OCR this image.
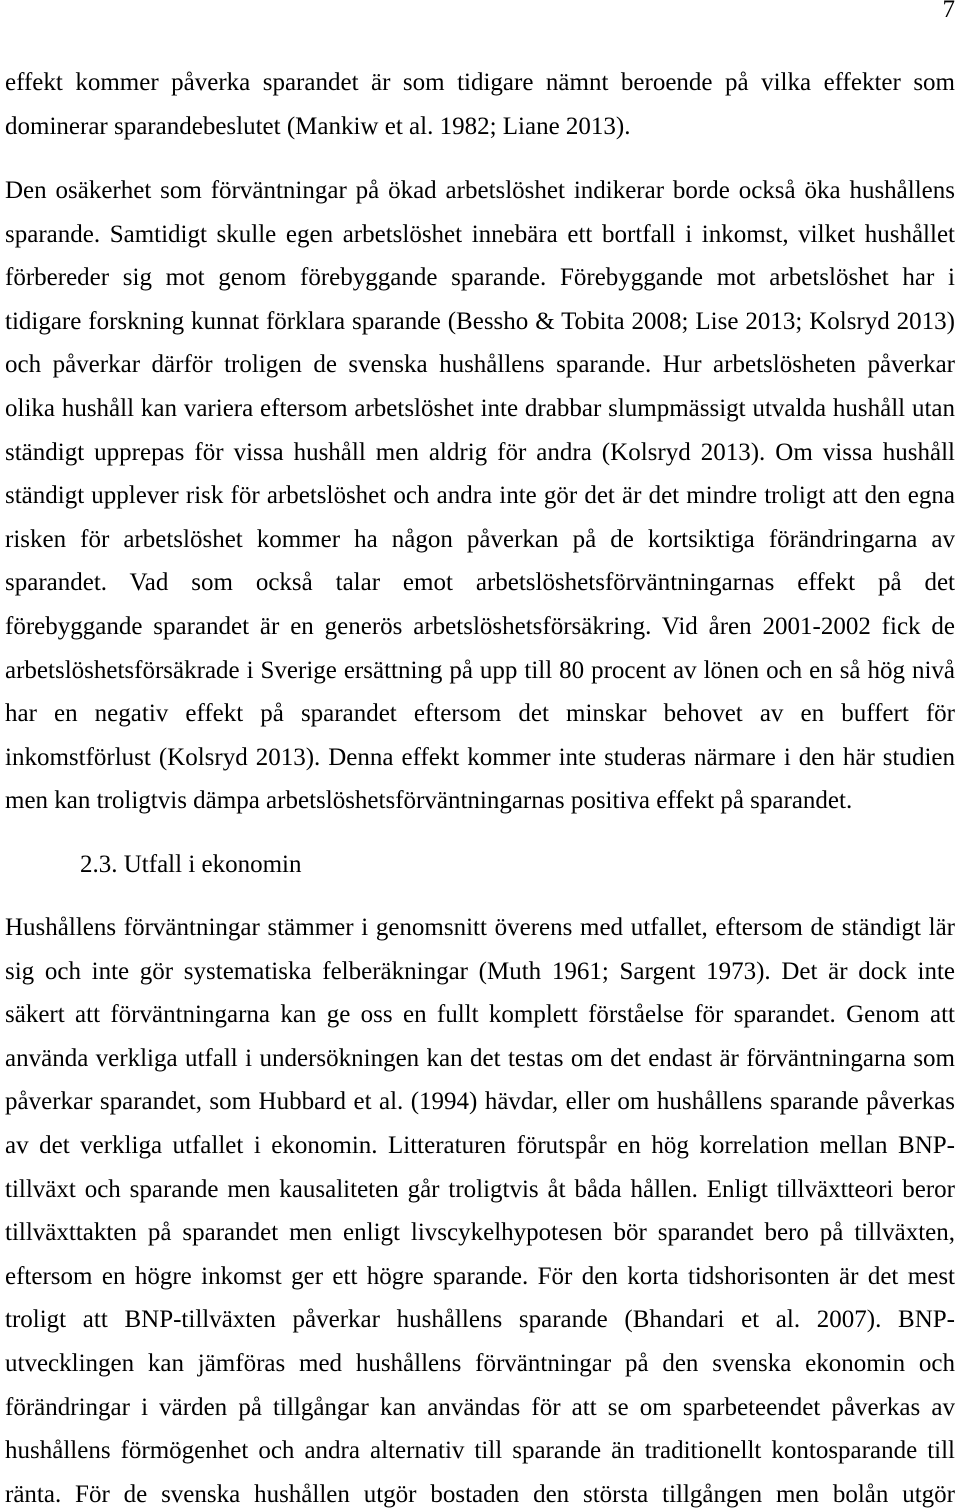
7
effekt kommer påverka sparandet är som tidigare nämnt beroende på vilka effekter som
dominerar sparandebeslutet (Mankiw et al. 1982; Liane 2013).
Den osäkerhet som förväntningar på ökad arbetslöshet indikerar borde också öka hushållens
sparande. Samtidigt skulle egen arbetslöshet innebära ett bortfall i inkomst, vilket hushållet
förbereder sig mot genom förebyggande sparande. Förebyggande mot arbetslöshet har i
tidigare forskning kunnat förklara sparande (Bessho & Tobita 2008; Lise 2013; Kolsryd 2013)
och påverkar därför troligen de svenska hushållens sparande. Hur arbetslösheten påverkar
olika hushåll kan variera eftersom arbetslöshet inte drabbar slumpmässigt utvalda hushåll utan
ständigt upprepas för vissa hushåll men aldrig för andra (Kolsryd 2013). Om vissa hushåll
ständigt upplever risk för arbetslöshet och andra inte gör det är det mindre troligt att den egna
risken för arbetslöshet kommer ha någon påverkan på de kortsiktiga förändringarna av
sparandet. Vad som också talar emot arbetslöshetsförväntningarnas effekt på det
förebyggande sparandet är en generös arbetslöshetsförsäkring. Vid åren 2001-2002 fick de
arbetslöshetsförsäkrade i Sverige ersättning på upp till 80 procent av lönen och en så hög nivå
har en negativ effekt på sparandet eftersom det minskar behovet av en buffert för
inkomstförlust (Kolsryd 2013). Denna effekt kommer inte studeras närmare i den här studien
men kan troligtvis dämpa arbetslöshetsförväntningarnas positiva effekt på sparandet.
2.3. Utfall i ekonomin
Hushållens förväntningar stämmer i genomsnitt överens med utfallet, eftersom de ständigt lär
sig och inte gör systematiska felberäkningar (Muth 1961; Sargent 1973). Det är dock inte
säkert att förväntningarna kan ge oss en fullt komplett förståelse för sparandet. Genom att
använda verkliga utfall i undersökningen kan det testas om det endast är förväntningarna som
påverkar sparandet, som Hubbard et al. (1994) hävdar, eller om hushållens sparande påverkas
av det verkliga utfallet i ekonomin. Litteraturen förutspår en hög korrelation mellan BNP-
tillväxt och sparande men kausaliteten går troligtvis åt båda hållen. Enligt tillväxtteori beror
tillväxttakten på sparandet men enligt livscykelhypotesen bör sparandet bero på tillväxten,
eftersom en högre inkomst ger ett högre sparande. För den korta tidshorisonten är det mest
troligt att BNP-tillväxten påverkar hushållens sparande (Bhandari et al. 2007). BNP-
utvecklingen kan jämföras med hushållens förväntningar på den svenska ekonomin och
förändringar i värden på tillgångar kan användas för att se om sparbeteendet påverkas av
hushållens förmögenhet och andra alternativ till sparande än traditionellt kontosparande till
ränta. För de svenska hushållen utgör bostaden den största tillgången men bolån utgör
